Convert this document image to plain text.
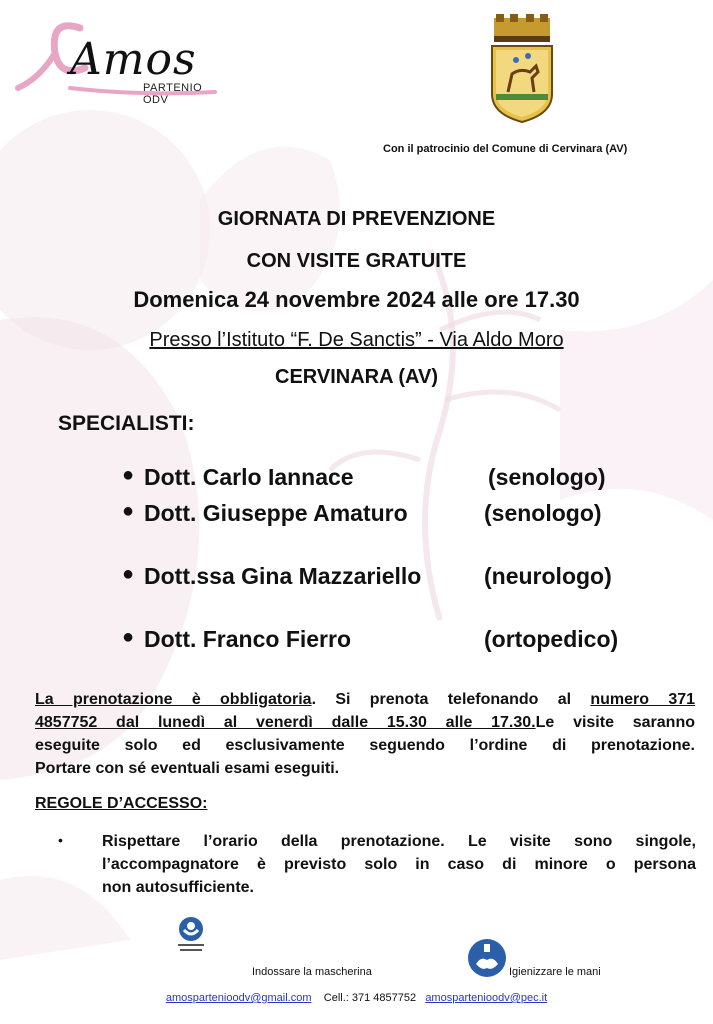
Amos
PARTENIO ODV
Con il patrocinio del Comune di Cervinara (AV)
GIORNATA DI PREVENZIONE
CON VISITE GRATUITE
Domenica 24 novembre 2024 alle ore 17.30
Presso l’Istituto “F. De Sanctis” - Via Aldo Moro
CERVINARA (AV)
SPECIALISTI:
● Dott. Carlo Iannace	(senologo)
● Dott. Giuseppe Amaturo	(senologo)
● Dott.ssa Gina Mazzariello	(neurologo)
● Dott. Franco Fierro	(ortopedico)
La prenotazione è obbligatoria. Si prenota telefonando al numero 371
4857752 dal lunedì al venerdì dalle 15.30 alle 17.30.Le visite saranno
eseguite solo ed esclusivamente seguendo l’ordine di prenotazione.
Portare con sé eventuali esami eseguiti.
REGOLE D’ACCESSO:
• Rispettare l’orario della prenotazione. Le visite sono singole,
l’accompagnatore è previsto solo in caso di minore o persona
non autosufficiente.
Indossare la mascherina	Igienizzare le mani
amospartenioodv@gmail.com Cell.: 371 4857752 amospartenioodv@pec.it
